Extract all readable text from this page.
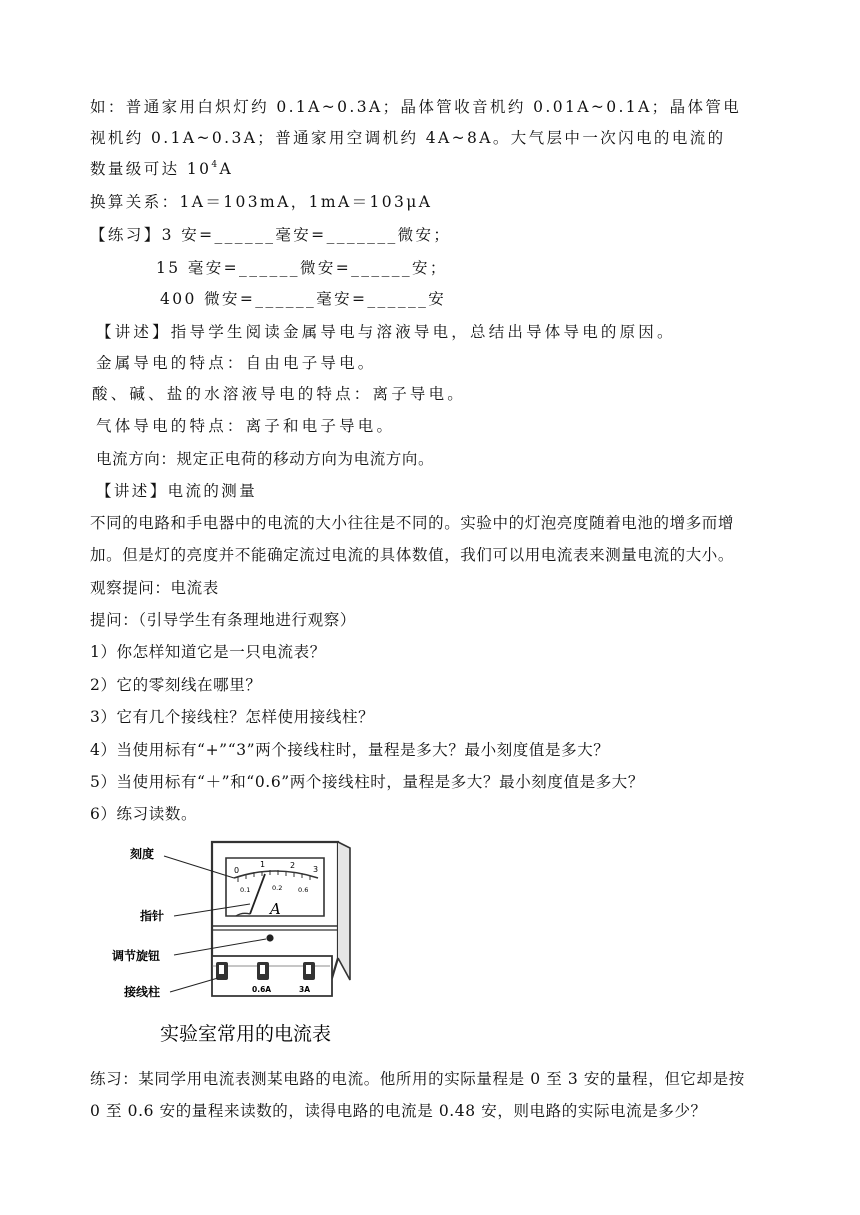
如：普通家用白炽灯约 0.1A~0.3A；晶体管收音机约 0.01A~0.1A；晶体管电
视机约 0.1A~0.3A；普通家用空调机约 4A~8A。大气层中一次闪电的电流的
数量级可达 $10^4A$
换算关系：1A＝103mA，1mA＝103μA
【练习】3 安=______毫安=_______微安；
15 毫安=______微安=______安；
400 微安=______毫安=______安
【讲述】指导学生阅读金属导电与溶液导电，总结出导体导电的原因。
金属导电的特点：自由电子导电。
酸、碱、盐的水溶液导电的特点：离子导电。
气体导电的特点：离子和电子导电。
电流方向：规定正电荷的移动方向为电流方向。
【讲述】电流的测量
不同的电路和手电器中的电流的大小往往是不同的。实验中的灯泡亮度随着电池的增多而增
加。但是灯的亮度并不能确定流过电流的具体数值，我们可以用电流表来测量电流的大小。
观察提问：电流表
提问：（引导学生有条理地进行观察）
1）你怎样知道它是一只电流表？
2）它的零刻线在哪里？
3）它有几个接线柱？怎样使用接线柱？
4）当使用标有“+”“3”两个接线柱时，量程是多大？最小刻度值是多大？
5）当使用标有“＋”和“0.6”两个接线柱时，量程是多大？最小刻度值是多大？
6）练习读数。
0
1	2 3
0.1	0.2 0.6
A
0.6A	3A
刻度
指针
调节旋钮
接线柱
实验室常用的电流表
练习：某同学用电流表测某电路的电流。他所用的实际量程是 0 至 3 安的量程，但它却是按
0 至 0.6 安的量程来读数的，读得电路的电流是 0.48 安，则电路的实际电流是多少？
